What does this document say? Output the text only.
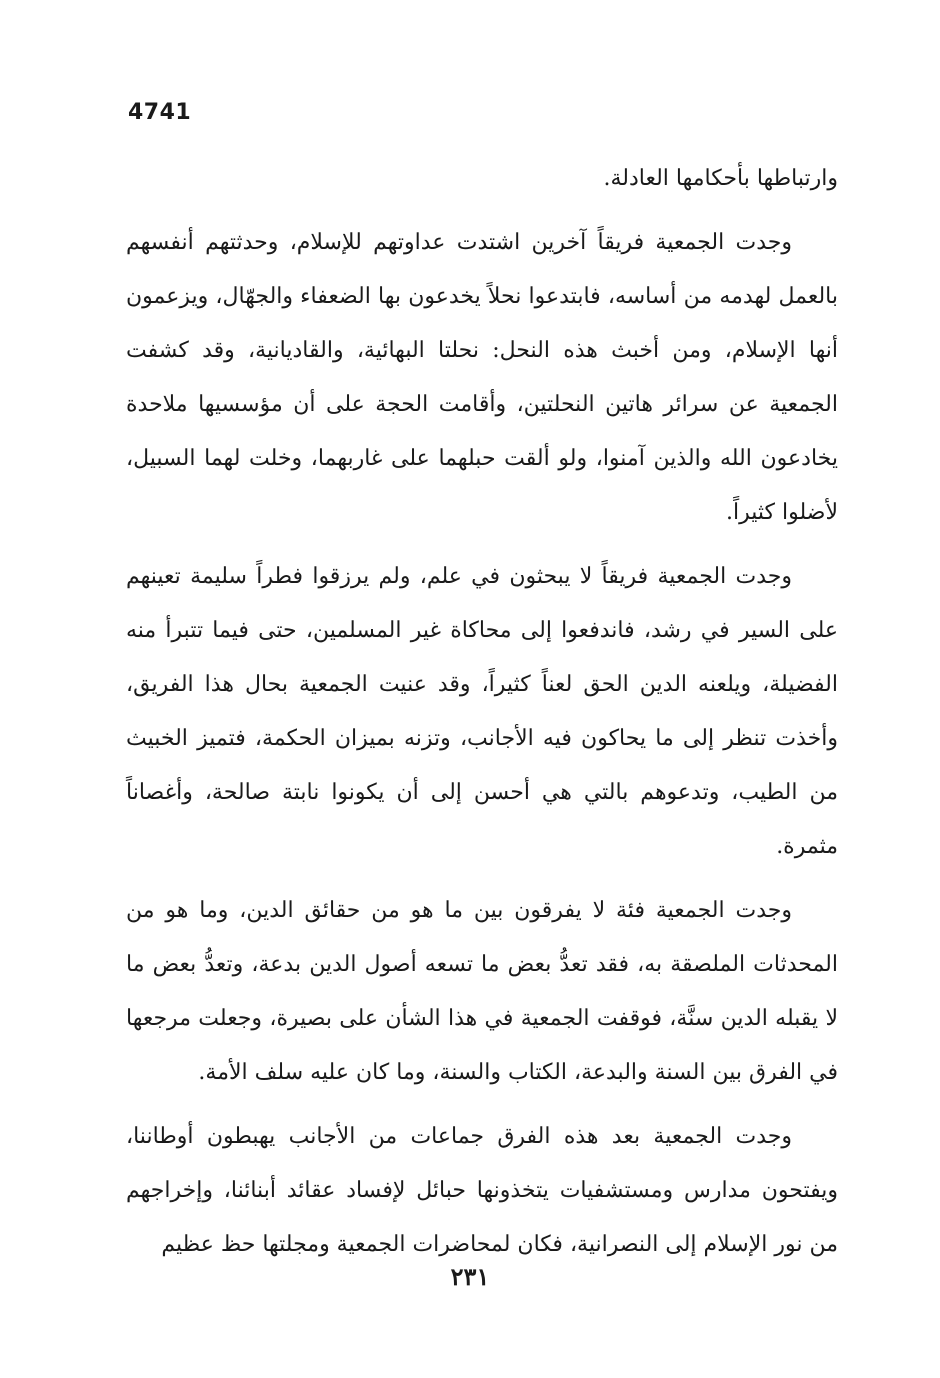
4741

وارتباطها بأحكامها العادلة.

وجدت الجمعية فريقاً آخرين اشتدت عداوتهم للإسلام، وحدثتهم أنفسهم بالعمل لهدمه من أساسه، فابتدعوا نحلاً يخدعون بها الضعفاء والجهّال، ويزعمون أنها الإسلام، ومن أخبث هذه النحل: نحلتا البهائية، والقاديانية، وقد كشفت الجمعية عن سرائر هاتين النحلتين، وأقامت الحجة على أن مؤسسيها ملاحدة يخادعون الله والذين آمنوا، ولو ألقت حبلهما على غاربهما، وخلت لهما السبيل، لأضلوا كثيراً.

وجدت الجمعية فريقاً لا يبحثون في علم، ولم يرزقوا فطراً سليمة تعينهم على السير في رشد، فاندفعوا إلى محاكاة غير المسلمين، حتى فيما تتبرأ منه الفضيلة، ويلعنه الدين الحق لعناً كثيراً، وقد عنيت الجمعية بحال هذا الفريق، وأخذت تنظر إلى ما يحاكون فيه الأجانب، وتزنه بميزان الحكمة، فتميز الخبيث من الطيب، وتدعوهم بالتي هي أحسن إلى أن يكونوا نابتة صالحة، وأغصاناً مثمرة.

وجدت الجمعية فئة لا يفرقون بين ما هو من حقائق الدين، وما هو من المحدثات الملصقة به، فقد تعدُّ بعض ما تسعه أصول الدين بدعة، وتعدُّ بعض ما لا يقبله الدين سنَّة، فوقفت الجمعية في هذا الشأن على بصيرة، وجعلت مرجعها في الفرق بين السنة والبدعة، الكتاب والسنة، وما كان عليه سلف الأمة.

وجدت الجمعية بعد هذه الفرق جماعات من الأجانب يهبطون أوطاننا، ويفتحون مدارس ومستشفيات يتخذونها حبائل لإفساد عقائد أبنائنا، وإخراجهم من نور الإسلام إلى النصرانية، فكان لمحاضرات الجمعية ومجلتها حظ عظيم

٢٣١
